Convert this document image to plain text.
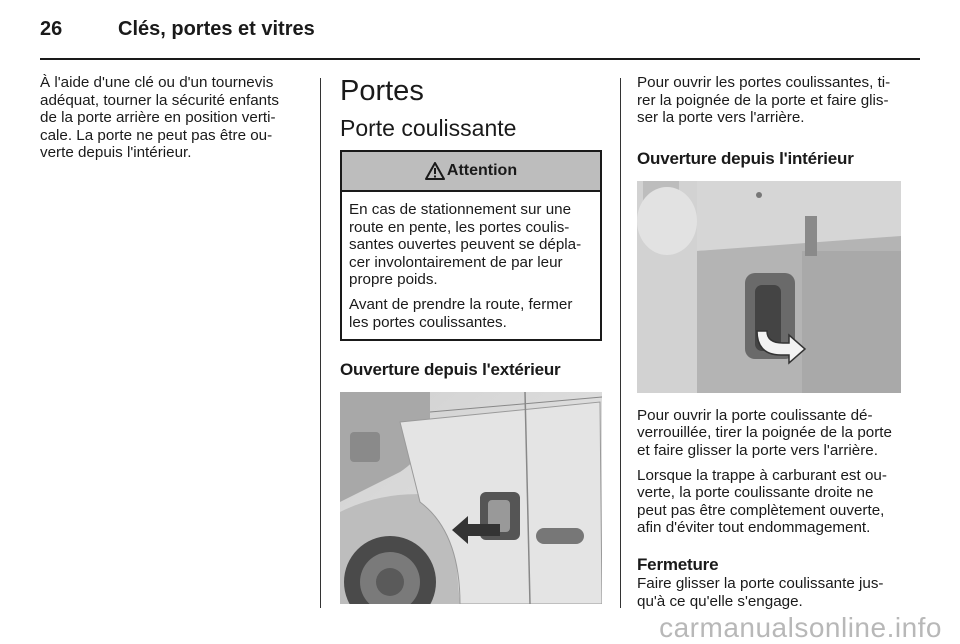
26	Clés, portes et vitres

À l'aide d'une clé ou d'un tournevis adéquat, tourner la sécurité enfants de la porte arrière en position verticale. La porte ne peut pas être ouverte depuis l'intérieur.

Portes
Porte coulissante
Attention

En cas de stationnement sur une route en pente, les portes coulissantes ouvertes peuvent se déplacer involontairement de par leur propre poids.

Avant de prendre la route, fermer les portes coulissantes.

Ouverture depuis l'extérieur

Pour ouvrir les portes coulissantes, tirer la poignée de la porte et faire glisser la porte vers l'arrière.

Ouverture depuis l'intérieur

Pour ouvrir la porte coulissante déverrouillée, tirer la poignée de la porte et faire glisser la porte vers l'arrière.

Lorsque la trappe à carburant est ouverte, la porte coulissante droite ne peut pas être complètement ouverte, afin d'éviter tout endommagement.

Fermeture

Faire glisser la porte coulissante jusqu'à ce qu'elle s'engage.

carmanualsonline.info
